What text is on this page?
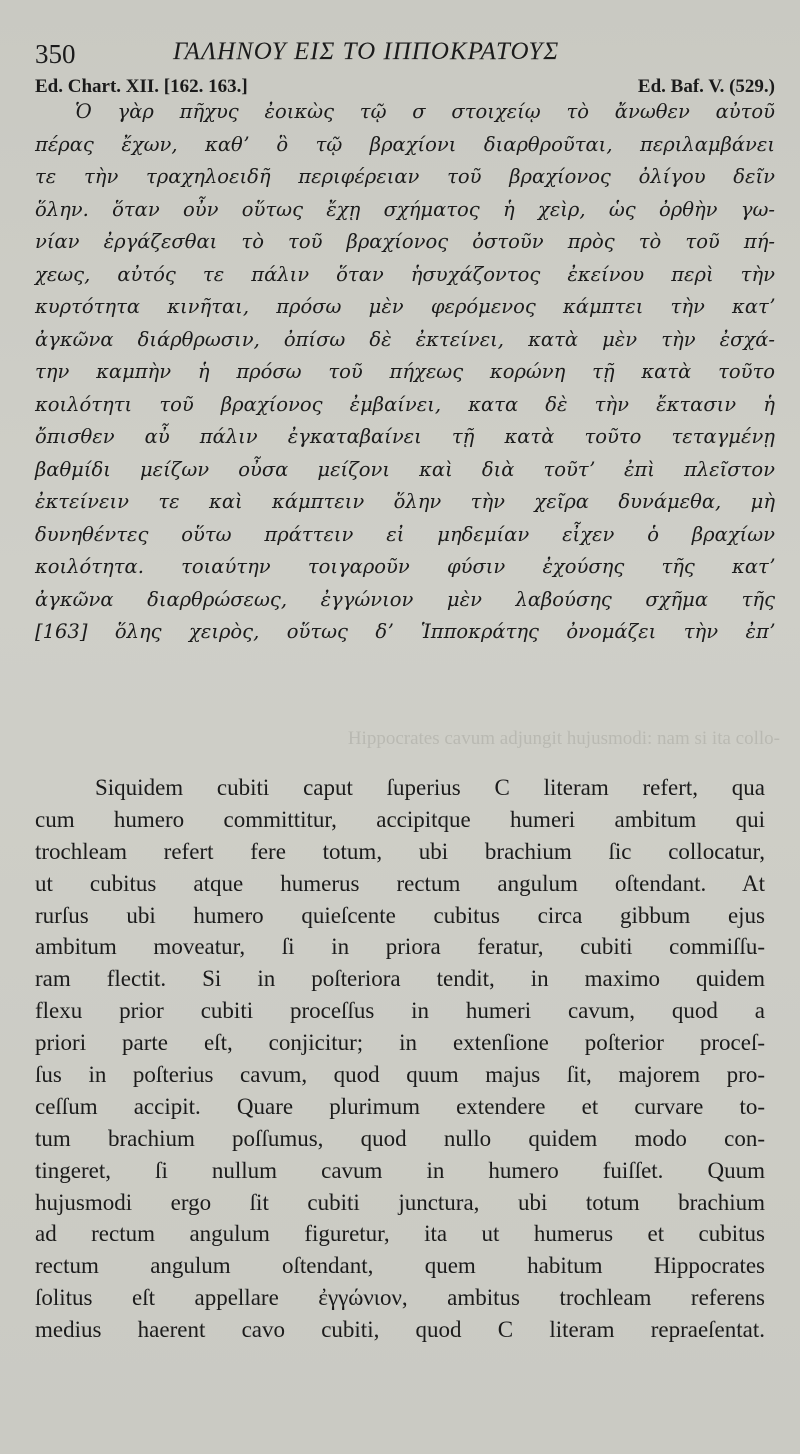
350	ΓΑΛΗΝΟΥ ΕΙΣ ΤΟ ΙΠΠΟΚΡΑΤΟΥΣ
Ed. Chart. XII. [162. 163.]	Ed. Baf. V. (529.)
Ὁ γὰρ πῆχυς ἐοικὼς τῷ σ στοιχείῳ τὸ ἄνωθεν αὐτοῦ
πέρας ἔχων, καθʼ ὃ τῷ βραχίονι διαρθροῦται, περιλαμβάνει
τε τὴν τραχηλοειδῆ περιφέρειαν τοῦ βραχίονος ὀλίγου δεῖν
ὅλην. ὅταν οὖν οὕτως ἔχῃ σχήματος ἡ χεὶρ, ὡς ὀρθὴν γω-
νίαν ἐργάζεσθαι τὸ τοῦ βραχίονος ὀστοῦν πρὸς τὸ τοῦ πή-
χεως, αὐτός τε πάλιν ὅταν ἡσυχάζοντος ἐκείνου περὶ τὴν
κυρτότητα κινῆται, πρόσω μὲν φερόμενος κάμπτει τὴν κατʼ
ἀγκῶνα διάρθρωσιν, ὀπίσω δὲ ἐκτείνει, κατὰ μὲν τὴν ἐσχά-
την καμπὴν ἡ πρόσω τοῦ πήχεως κορώνη τῇ κατὰ τοῦτο
κοιλότητι τοῦ βραχίονος ἐμβαίνει, κατα δὲ τὴν ἔκτασιν ἡ
ὄπισθεν αὖ πάλιν ἐγκαταβαίνει τῇ κατὰ τοῦτο τεταγμένῃ
βαθμίδι μείζων οὖσα μείζονι καὶ διὰ τοῦτʼ ἐπὶ πλεῖστον
ἐκτείνειν τε καὶ κάμπτειν ὅλην τὴν χεῖρα δυνάμεθα, μὴ
δυνηθέντες οὕτω πράττειν εἰ μηδεμίαν εἶχεν ὁ βραχίων
κοιλότητα. τοιαύτην τοιγαροῦν φύσιν ἐχούσης τῆς κατʼ
ἀγκῶνα διαρθρώσεως, ἐγγώνιον μὲν λαβούσης σχῆμα τῆς
[163] ὅλης χειρὸς, οὕτως δʼ Ἱπποκράτης ὀνομάζει τὴν ἐπʼ
Hippocrates cavum adjungit hujusmodi: nam si ita collo-
Siquidem cubiti caput ſuperius C literam refert, qua
cum humero committitur, accipitque humeri ambitum qui
trochleam refert fere totum, ubi brachium ſic collocatur,
ut cubitus atque humerus rectum angulum oſtendant. At
rurſus ubi humero quieſcente cubitus circa gibbum ejus
ambitum moveatur, ſi in priora feratur, cubiti commiſſu-
ram flectit. Si in poſteriora tendit, in maximo quidem
flexu prior cubiti proceſſus in humeri cavum, quod a
priori parte eſt, conjicitur; in extenſione poſterior proceſ-
ſus in poſterius cavum, quod quum majus ſit, majorem pro-
ceſſum accipit. Quare plurimum extendere et curvare to-
tum brachium poſſumus, quod nullo quidem modo con-
tingeret, ſi nullum cavum in humero fuiſſet. Quum
hujusmodi ergo ſit cubiti junctura, ubi totum brachium
ad rectum angulum figuretur, ita ut humerus et cubitus
rectum angulum oſtendant, quem habitum Hippocrates
ſolitus eſt appellare ἐγγώνιον, ambitus trochleam referens
medius haerent cavo cubiti, quod C literam repraeſentat.
